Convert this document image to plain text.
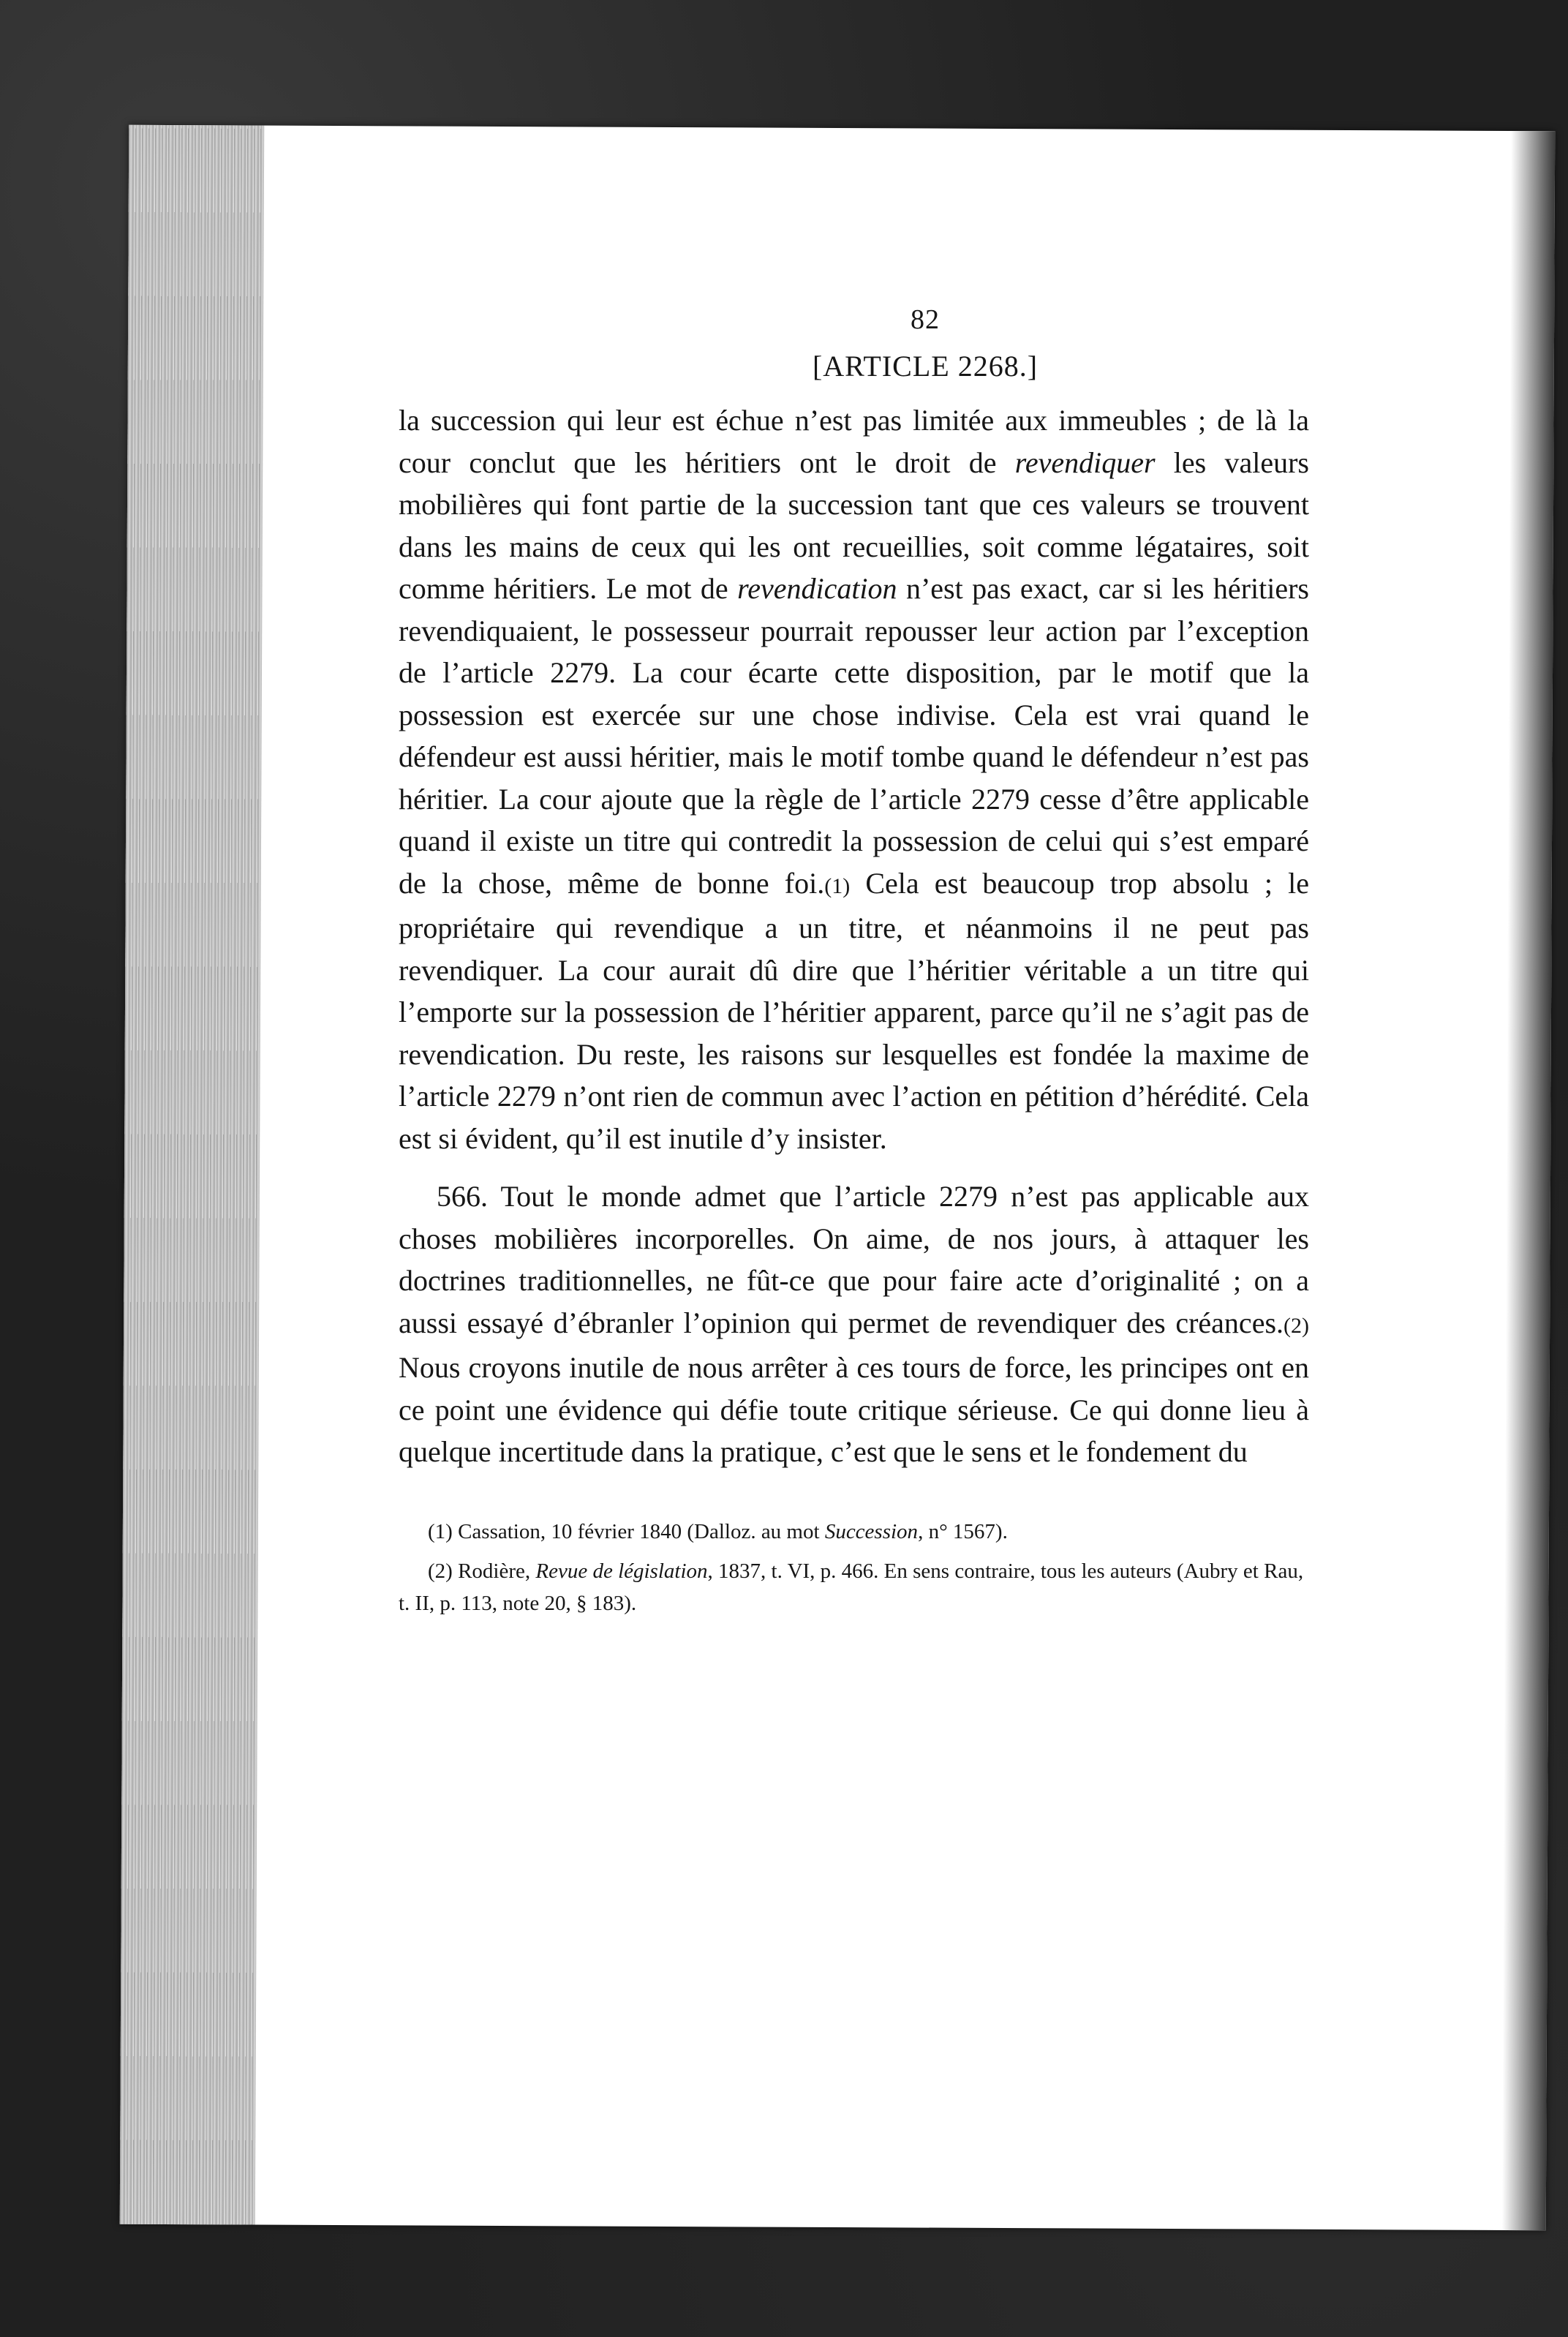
82
[ARTICLE 2268.]

la succession qui leur est échue n’est pas limitée aux immeubles ; de là la cour conclut que les héritiers ont le droit de revendiquer les valeurs mobilières qui font partie de la succession tant que ces valeurs se trouvent dans les mains de ceux qui les ont recueillies, soit comme légataires, soit comme héritiers. Le mot de revendication n’est pas exact, car si les héritiers revendiquaient, le possesseur pourrait repousser leur action par l’exception de l’article 2279. La cour écarte cette disposition, par le motif que la possession est exercée sur une chose indivise. Cela est vrai quand le défendeur est aussi héritier, mais le motif tombe quand le défendeur n’est pas héritier. La cour ajoute que la règle de l’article 2279 cesse d’être applicable quand il existe un titre qui contredit la possession de celui qui s’est emparé de la chose, même de bonne foi.(1) Cela est beaucoup trop absolu ; le propriétaire qui revendique a un titre, et néanmoins il ne peut pas revendiquer. La cour aurait dû dire que l’héritier véritable a un titre qui l’emporte sur la possession de l’héritier apparent, parce qu’il ne s’agit pas de revendication. Du reste, les raisons sur lesquelles est fondée la maxime de l’article 2279 n’ont rien de commun avec l’action en pétition d’hérédité. Cela est si évident, qu’il est inutile d’y insister.

566. Tout le monde admet que l’article 2279 n’est pas applicable aux choses mobilières incorporelles. On aime, de nos jours, à attaquer les doctrines traditionnelles, ne fût-ce que pour faire acte d’originalité ; on a aussi essayé d’ébranler l’opinion qui permet de revendiquer des créances.(2) Nous croyons inutile de nous arrêter à ces tours de force, les principes ont en ce point une évidence qui défie toute critique sérieuse. Ce qui donne lieu à quelque incertitude dans la pratique, c’est que le sens et le fondement du

(1) Cassation, 10 février 1840 (Dalloz. au mot Succession, n° 1567).

(2) Rodière, Revue de législation, 1837, t. VI, p. 466. En sens contraire, tous les auteurs (Aubry et Rau, t. II, p. 113, note 20, § 183).
